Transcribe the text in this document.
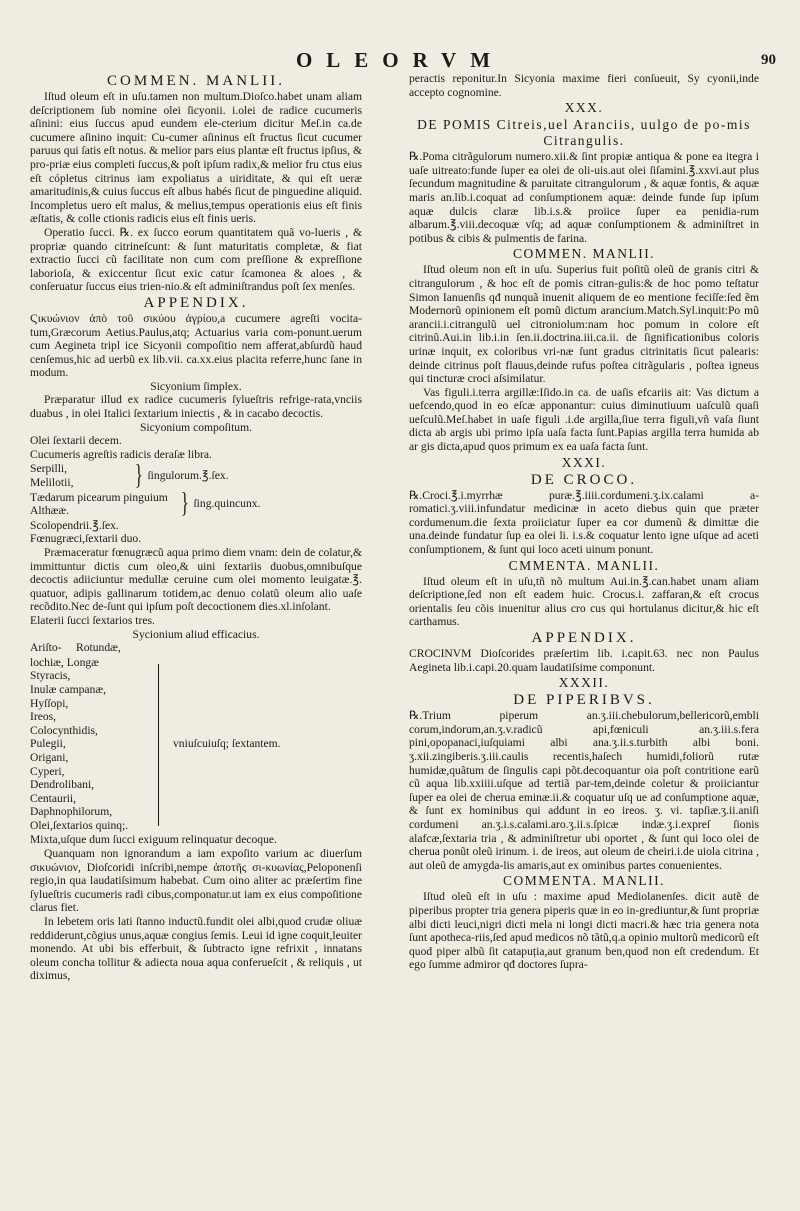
OLEORVM	90
COMMEN. MANLII.

Iſtud oleum eſt in uſu.tamen non multum.Dioſco.habet unam aliam deſcriptionem ſub nomine olei ſicyonii. i.olei de radice cucumeris aſinini: eius ſuccus apud eundem ele-cterium dicitur Meſ.in ca.de cucumere aſinino inquit: Cu-cumer aſininus eſt fructus ſicut cucumer paruus qui ſatis eſt notus. & melior pars eius plantæ eſt fructus ipſius, & pro-priæ eius completi ſuccus,& poſt ipſum radix,& melior fru ctus eius eſt cópletus citrinus iam expoliatus a uiriditate, & qui eſt ueræ amaritudinis,& cuius ſuccus eſt albus habés ſicut de pinguedine aliquid. Incompletus uero eſt malus, & melius,tempus operationis eius eſt finis æſtatis, & colle ctionis radicis eius eſt finis ueris.

Operatio ſucci. ℞. ex ſucco eorum quantitatem quã vo-lueris , & propriæ quando citrineſcunt: & ſunt maturitatis completæ, & fiat extractio ſucci cũ facilitate non cum com preſſione & expreſſione laborioſa, & exiccentur ſicut exic catur ſcamonea & aloes , & conſeruatur ſuccus eius trien-nio.& eſt adminiſtrandus poſt ſex menſes.

APPENDIX.

Ϛικυώνιον ἀπὸ τοῦ σικύου ἀγρίου,a cucumere agreſti vocita-tum,Græcorum Aetius.Paulus,atq; Actuarius varia com-ponunt.uerum cum Aegineta tripl ice Sicyonii compoſitio nem afferat,abſurdũ haud cenſemus,hic ad uerbũ ex lib.vii. ca.xx.eius placita referre,hunc ſane in modum.

Sicyonium ſimplex.

Præparatur illud ex radice cucumeris ſylueſtris refrige-rata,vnciis duabus , in olei Italici ſextarium iniectis , & in cacabo decoctis.

Sicyonium compoſitum.

Olei ſextarii decem.

Cucumeris agreſtis radicis deraſæ libra.

Serpilli,
Melilotii,	} ſingulorum.℥.ſex.
Tædarum picearum pinguium
Althææ.	} ſing.quincunx.

Scolopendrii.℥.ſex.

Fœnugræci,ſextarii duo.

Præmaceratur fœnugræcũ aqua primo diem vnam: dein de colatur,& immittuntur dictis cum oleo,& uini ſextariis duobus,omnibuſque decoctis adiiciuntur medullæ ceruine cum olei momento leuigatæ.℥. quatuor, adipis gallinarum totidem,ac denuo colatũ oleum alio uaſe recõdito.Nec de-ſunt qui ipſum poſt decoctionem dies.xl.inſolant.

Elaterii ſucci ſextarios tres.

Sycionium aliud efficacius.
Ariſto-	Rotundæ,
lochiæ, Longæ
Styracis,
Inulæ campanæ,
Hyſſopi,
Ireos,
Colocynthidis,
Pulegii,
Origani,
Cyperi,
Dendrolibani,
Centaurii,
Daphnophilorum,
Olei,ſextarios quinq;.
vniuſcuiuſq; ſextantem.

Mixta,uſque dum ſucci exiguum relinquatur decoque.

Quanquam non ignorandum a iam expoſito varium ac diuerſum σικυώνιον, Dioſcoridi inſcribi,nempe ἀποτῆς σι-κυωνίας,Peloponenſi regio,in qua laudatiſsimum habebat. Cum oino aliter ac præſertim fine ſylueſtris cucumeris radi cibus,componatur.ut iam ex eius compoſitione clarus fiet.

In lebetem oris lati ſtanno inductũ.fundit olei albi,quod crudæ oliuæ reddiderunt,cõgius unus,aquæ congius ſemis. Leui id igne coquit,leuiter monendo. At ubi bis efferbuit, & ſubtracto igne refrixit , innatans oleum concha tollitur & adiecta noua aqua conferueſcit , & reliquis , ut diximus,

peractis reponitur.In Sicyonia maxime fieri conſueuit, Sy cyonii,inde accepto cognomine.

XXX.
DE POMIS Citreis,uel Aranciis, uulgo de po-mis Citrangulis.

℞.Poma citrãgulorum numero.xii.& ſint propiæ antiqua & pone ea itegra i uaſe uitreato:funde ſuper ea olei de oli-uis.aut olei ſiſamini.℥.xxvi.aut plus ſecundum magnitudine & paruitate citrangulorum , & aquæ fontis, & aquæ maris an.lib.i.coquat ad conſumptionem aquæ: deinde funde ſup ipſum aquæ dulcis claræ lib.i.s.& proiice ſuper ea penidia-rum albarum.℥.viii.decoquæ vſq; ad aquæ conſumptionem & adminiſtret in potibus & cibis & pulmentis de farina.

COMMEN. MANLII.

Iſtud oleum non eſt in uſu. Superius fuit poſitũ oleũ de granis citri & citrangulorum , & hoc eſt de pomis citran-gulis:& de hoc pomo teſtatur Simon Ianuenſis qđ nunquã inuenit aliquem de eo mentione feciſſe:ſed ẽm Modernorũ opinionem eſt pomũ dictum arancium.Match.Syl.inquit:Po mũ arancii.i.citrangulũ uel citroniolum:nam hoc pomum in colore eſt citrinũ.Aui.in lib.i.in ſen.ii.doctrina.iii.ca.ii. de ſignificationibus coloris urinæ inquit, ex coloribus vri-næ ſunt gradus citrinitatis ſicut palearis: deinde citrinus poſt flauus,deinde rufus poſtea citrãgularis , poſtea igneus qui tincturæ croci aſsimilatur.

Vas figuli.i.terra argillæ:Iſido.in ca. de uaſis efcariis ait: Vas dictum a uefcendo,quod in eo eſcæ apponantur: cuius diminutiuum uaſculũ quaſi ueſculũ.Meſ.habet in uaſe figuli .i.de argilla,ſiue terra figuli,vñ vaſa ſiunt dicta ab argis ubi primo ipſa uaſa facta ſunt.Papias argilla terra humida ab ar gis dicta,apud quos primum ex ea uaſa facta ſunt.

XXXI.
DE CROCO.

℞.Croci.℥.i.myrrhæ puræ.℥.iiii.cordumeni.ʒ.ix.calami a-romatici.ʒ.viii.infundatur medicinæ in aceto diebus quin que præter cordumenum.die ſexta proiiciatur ſuper ea cor dumenũ & dimittæ die una.deinde fundatur ſup ea olei li. i.s.& coquatur lento igne uſque ad aceti conſumptionem, & ſunt qui loco aceti uinum ponunt.

CMMENTA. MANLII.

Iſtud oleum eſt in uſu,tñ nõ multum Aui.in.℥.can.habet unam aliam deſcriptione,ſed non eſt eadem huic. Crocus.i. zaffaran,& eſt crocus orientalis ſeu cõis inuenitur alius cro cus qui hortulanus dicitur,& hic eſt carthamus.

APPENDIX.

CROCINVM Dioſcorides præſertim lib. i.capit.63. nec non Paulus Aegineta lib.i.capi.20.quam laudatiſsime componunt.

XXXII.
DE PIPERIBVS.

℞.Trium piperum an.ʒ.iii.chebulorum,bellericorũ,embli corum,indorum,an.ʒ.v.radicũ api,fœniculi an.ʒ.iii.s.fera pini,opopanaci,iuſquiami albi ana.ʒ.ii.s.turbith albi boni. ʒ.xii.zingiberis.ʒ.iii.caulis recentis,haſech humidi,foliorũ rutæ humidæ,quãtum de ſingulis capi põt.decoquantur oia poſt contritione earũ cũ aqua lib.xxiiii.uſque ad tertiã par-tem,deinde coletur & proiiciantur ſuper ea olei de cherua eminæ.ii.& coquatur uſq ue ad conſumptione aquæ, & ſunt ex hominibus qui addunt in eo ireos. ʒ. vi. tapſiæ.ʒ.ii.aniſi cordumeni an.ʒ.i.s.calami.aro.ʒ.ii.s.ſpicæ indæ.ʒ.i.expreſ ſionis alafcæ,ſextaria tria , & adminiſtretur ubi oportet , & ſunt qui loco olei de cherua ponũt oleũ irinum. i. de ireos, aut oleum de cheiri.i.de uiola citrina , aut oleũ de amygda-lis amaris,aut ex ominibus partes conuenientes.

COMMENTA. MANLII.

Iſtud oleũ eſt in uſu : maxime apud Mediolanenſes. dicit autẽ de piperibus propter tria genera piperis quæ in eo in-grediuntur,& ſunt propriæ albi dicti leuci,nigri dicti mela ni longi dicti macri.& hæc tria genera nota ſunt apotheca-riis,ſed apud medicos nõ tãtũ,q.a opinio multorũ medicorũ eſt quod piper albũ ſit catapuția,aut granum ben,quod non eſt credendum. Et ego ſumme admiror qđ doctores ſupra-
